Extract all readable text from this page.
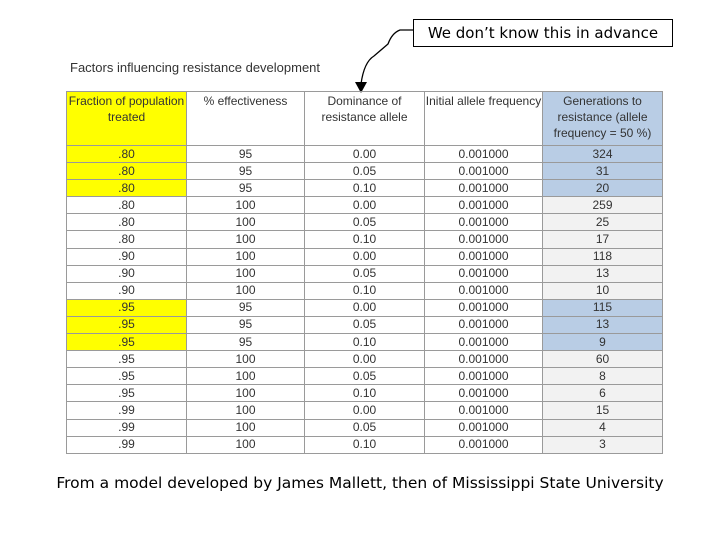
We don’t know this in advance
Factors influencing resistance development
Fraction of population treated	% effectiveness	Dominance of resistance allele	Initial allele frequency	Generations to resistance (allele frequency = 50 %)
.80	95	0.00	0.001000	324
.80	95	0.05	0.001000	31
.80	95	0.10	0.001000	20
.80	100	0.00	0.001000	259
.80	100	0.05	0.001000	25
.80	100	0.10	0.001000	17
.90	100	0.00	0.001000	118
.90	100	0.05	0.001000	13
.90	100	0.10	0.001000	10
.95	95	0.00	0.001000	115
.95	95	0.05	0.001000	13
.95	95	0.10	0.001000	9
.95	100	0.00	0.001000	60
.95	100	0.05	0.001000	8
.95	100	0.10	0.001000	6
.99	100	0.00	0.001000	15
.99	100	0.05	0.001000	4
.99	100	0.10	0.001000	3
From a model developed by James Mallett, then of Mississippi State University
